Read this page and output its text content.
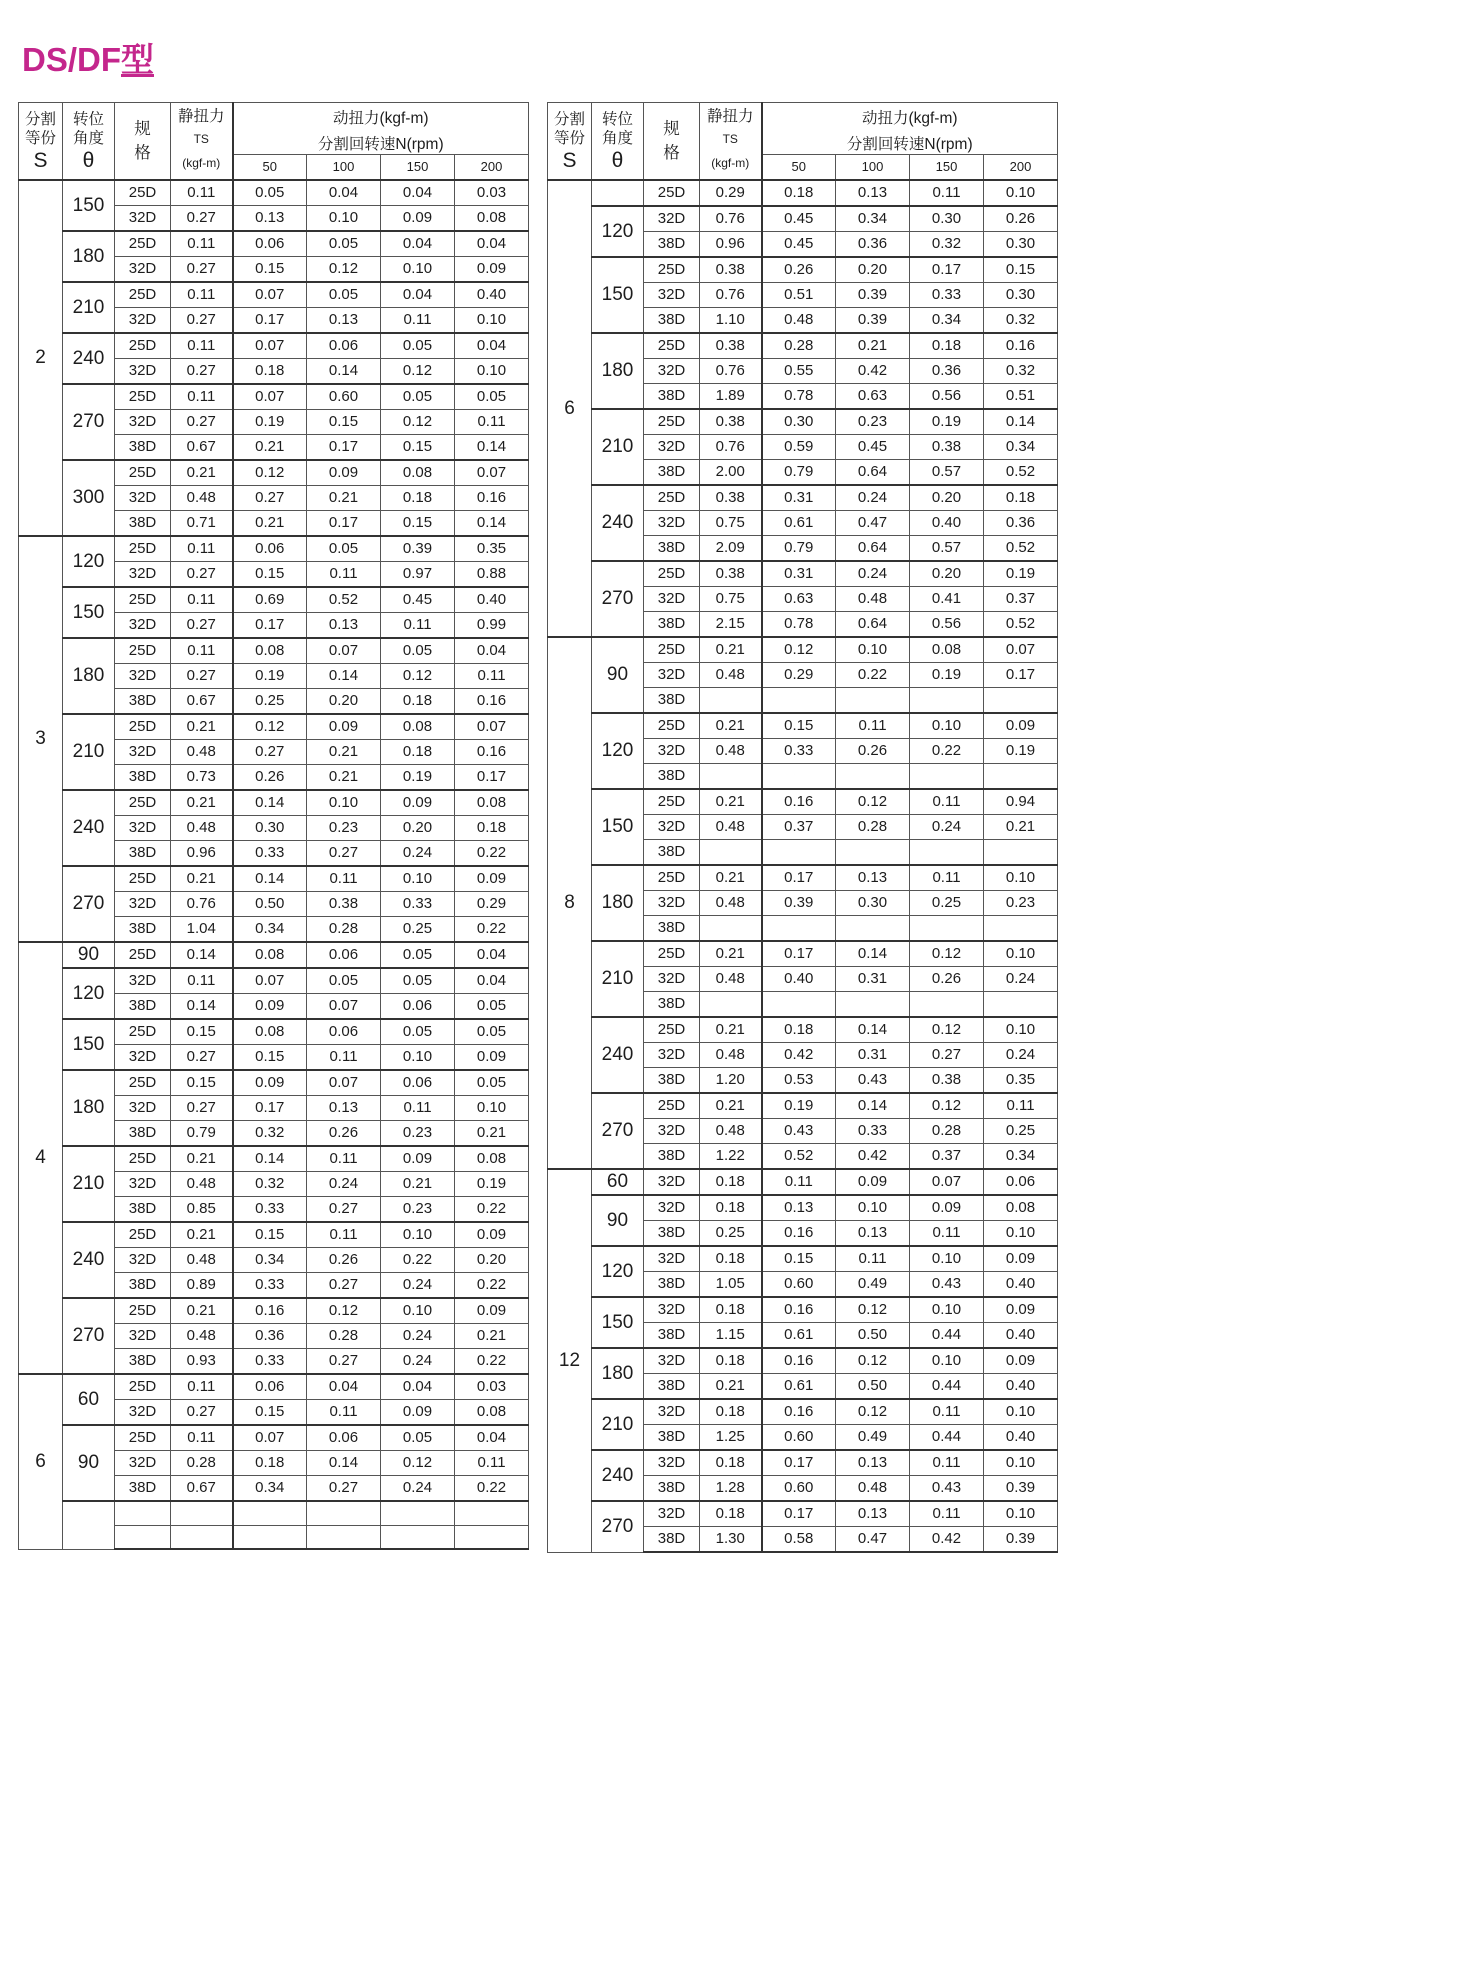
DS/DF型
分割
等份
S

转位
角度
θ

规
格

静扭力
TS
(kgf-m)

动扭力(kgf-m)
分割回转速N(rpm)

				50	100	150	200
2	150	25D	0.11	0.05	0.04	0.04	0.03
		32D	0.27	0.13	0.10	0.09	0.08
	180	25D	0.11	0.06	0.05	0.04	0.04
		32D	0.27	0.15	0.12	0.10	0.09
	210	25D	0.11	0.07	0.05	0.04	0.40
		32D	0.27	0.17	0.13	0.11	0.10
	240	25D	0.11	0.07	0.06	0.05	0.04
		32D	0.27	0.18	0.14	0.12	0.10
	270	25D	0.11	0.07	0.60	0.05	0.05
		32D	0.27	0.19	0.15	0.12	0.11
		38D	0.67	0.21	0.17	0.15	0.14
	300	25D	0.21	0.12	0.09	0.08	0.07
		32D	0.48	0.27	0.21	0.18	0.16
		38D	0.71	0.21	0.17	0.15	0.14
3	120	25D	0.11	0.06	0.05	0.39	0.35
		32D	0.27	0.15	0.11	0.97	0.88
	150	25D	0.11	0.69	0.52	0.45	0.40
		32D	0.27	0.17	0.13	0.11	0.99
	180	25D	0.11	0.08	0.07	0.05	0.04
		32D	0.27	0.19	0.14	0.12	0.11
		38D	0.67	0.25	0.20	0.18	0.16
	210	25D	0.21	0.12	0.09	0.08	0.07
		32D	0.48	0.27	0.21	0.18	0.16
		38D	0.73	0.26	0.21	0.19	0.17
	240	25D	0.21	0.14	0.10	0.09	0.08
		32D	0.48	0.30	0.23	0.20	0.18
		38D	0.96	0.33	0.27	0.24	0.22
	270	25D	0.21	0.14	0.11	0.10	0.09
		32D	0.76	0.50	0.38	0.33	0.29
		38D	1.04	0.34	0.28	0.25	0.22
4	90	25D	0.14	0.08	0.06	0.05	0.04
	120	32D	0.11	0.07	0.05	0.05	0.04
		38D	0.14	0.09	0.07	0.06	0.05
	150	25D	0.15	0.08	0.06	0.05	0.05
		32D	0.27	0.15	0.11	0.10	0.09
	180	25D	0.15	0.09	0.07	0.06	0.05
		32D	0.27	0.17	0.13	0.11	0.10
		38D	0.79	0.32	0.26	0.23	0.21
	210	25D	0.21	0.14	0.11	0.09	0.08
		32D	0.48	0.32	0.24	0.21	0.19
		38D	0.85	0.33	0.27	0.23	0.22
	240	25D	0.21	0.15	0.11	0.10	0.09
		32D	0.48	0.34	0.26	0.22	0.20
		38D	0.89	0.33	0.27	0.24	0.22
	270	25D	0.21	0.16	0.12	0.10	0.09
		32D	0.48	0.36	0.28	0.24	0.21
		38D	0.93	0.33	0.27	0.24	0.22
6	60	25D	0.11	0.06	0.04	0.04	0.03
		32D	0.27	0.15	0.11	0.09	0.08
	90	25D	0.11	0.07	0.06	0.05	0.04
		32D	0.28	0.18	0.14	0.12	0.11
		38D	0.67	0.34	0.27	0.24	0.22

分割
等份
S

转位
角度
θ

规
格

静扭力
TS
(kgf-m)

动扭力(kgf-m)
分割回转速N(rpm)

				50	100	150	200
6		25D	0.29	0.18	0.13	0.11	0.10
	120	32D	0.76	0.45	0.34	0.30	0.26
		38D	0.96	0.45	0.36	0.32	0.30
	150	25D	0.38	0.26	0.20	0.17	0.15
		32D	0.76	0.51	0.39	0.33	0.30
		38D	1.10	0.48	0.39	0.34	0.32
	180	25D	0.38	0.28	0.21	0.18	0.16
		32D	0.76	0.55	0.42	0.36	0.32
		38D	1.89	0.78	0.63	0.56	0.51
	210	25D	0.38	0.30	0.23	0.19	0.14
		32D	0.76	0.59	0.45	0.38	0.34
		38D	2.00	0.79	0.64	0.57	0.52
	240	25D	0.38	0.31	0.24	0.20	0.18
		32D	0.75	0.61	0.47	0.40	0.36
		38D	2.09	0.79	0.64	0.57	0.52
	270	25D	0.38	0.31	0.24	0.20	0.19
		32D	0.75	0.63	0.48	0.41	0.37
		38D	2.15	0.78	0.64	0.56	0.52
8	90	25D	0.21	0.12	0.10	0.08	0.07
		32D	0.48	0.29	0.22	0.19	0.17
		38D					
	120	25D	0.21	0.15	0.11	0.10	0.09
		32D	0.48	0.33	0.26	0.22	0.19
		38D					
	150	25D	0.21	0.16	0.12	0.11	0.94
		32D	0.48	0.37	0.28	0.24	0.21
		38D					
	180	25D	0.21	0.17	0.13	0.11	0.10
		32D	0.48	0.39	0.30	0.25	0.23
		38D					
	210	25D	0.21	0.17	0.14	0.12	0.10
		32D	0.48	0.40	0.31	0.26	0.24
		38D					
	240	25D	0.21	0.18	0.14	0.12	0.10
		32D	0.48	0.42	0.31	0.27	0.24
		38D	1.20	0.53	0.43	0.38	0.35
	270	25D	0.21	0.19	0.14	0.12	0.11
		32D	0.48	0.43	0.33	0.28	0.25
		38D	1.22	0.52	0.42	0.37	0.34
12	60	32D	0.18	0.11	0.09	0.07	0.06
	90	32D	0.18	0.13	0.10	0.09	0.08
		38D	0.25	0.16	0.13	0.11	0.10
	120	32D	0.18	0.15	0.11	0.10	0.09
		38D	1.05	0.60	0.49	0.43	0.40
	150	32D	0.18	0.16	0.12	0.10	0.09
		38D	1.15	0.61	0.50	0.44	0.40
	180	32D	0.18	0.16	0.12	0.10	0.09
		38D	0.21	0.61	0.50	0.44	0.40
	210	32D	0.18	0.16	0.12	0.11	0.10
		38D	1.25	0.60	0.49	0.44	0.40
	240	32D	0.18	0.17	0.13	0.11	0.10
		38D	1.28	0.60	0.48	0.43	0.39
	270	32D	0.18	0.17	0.13	0.11	0.10
		38D	1.30	0.58	0.47	0.42	0.39
